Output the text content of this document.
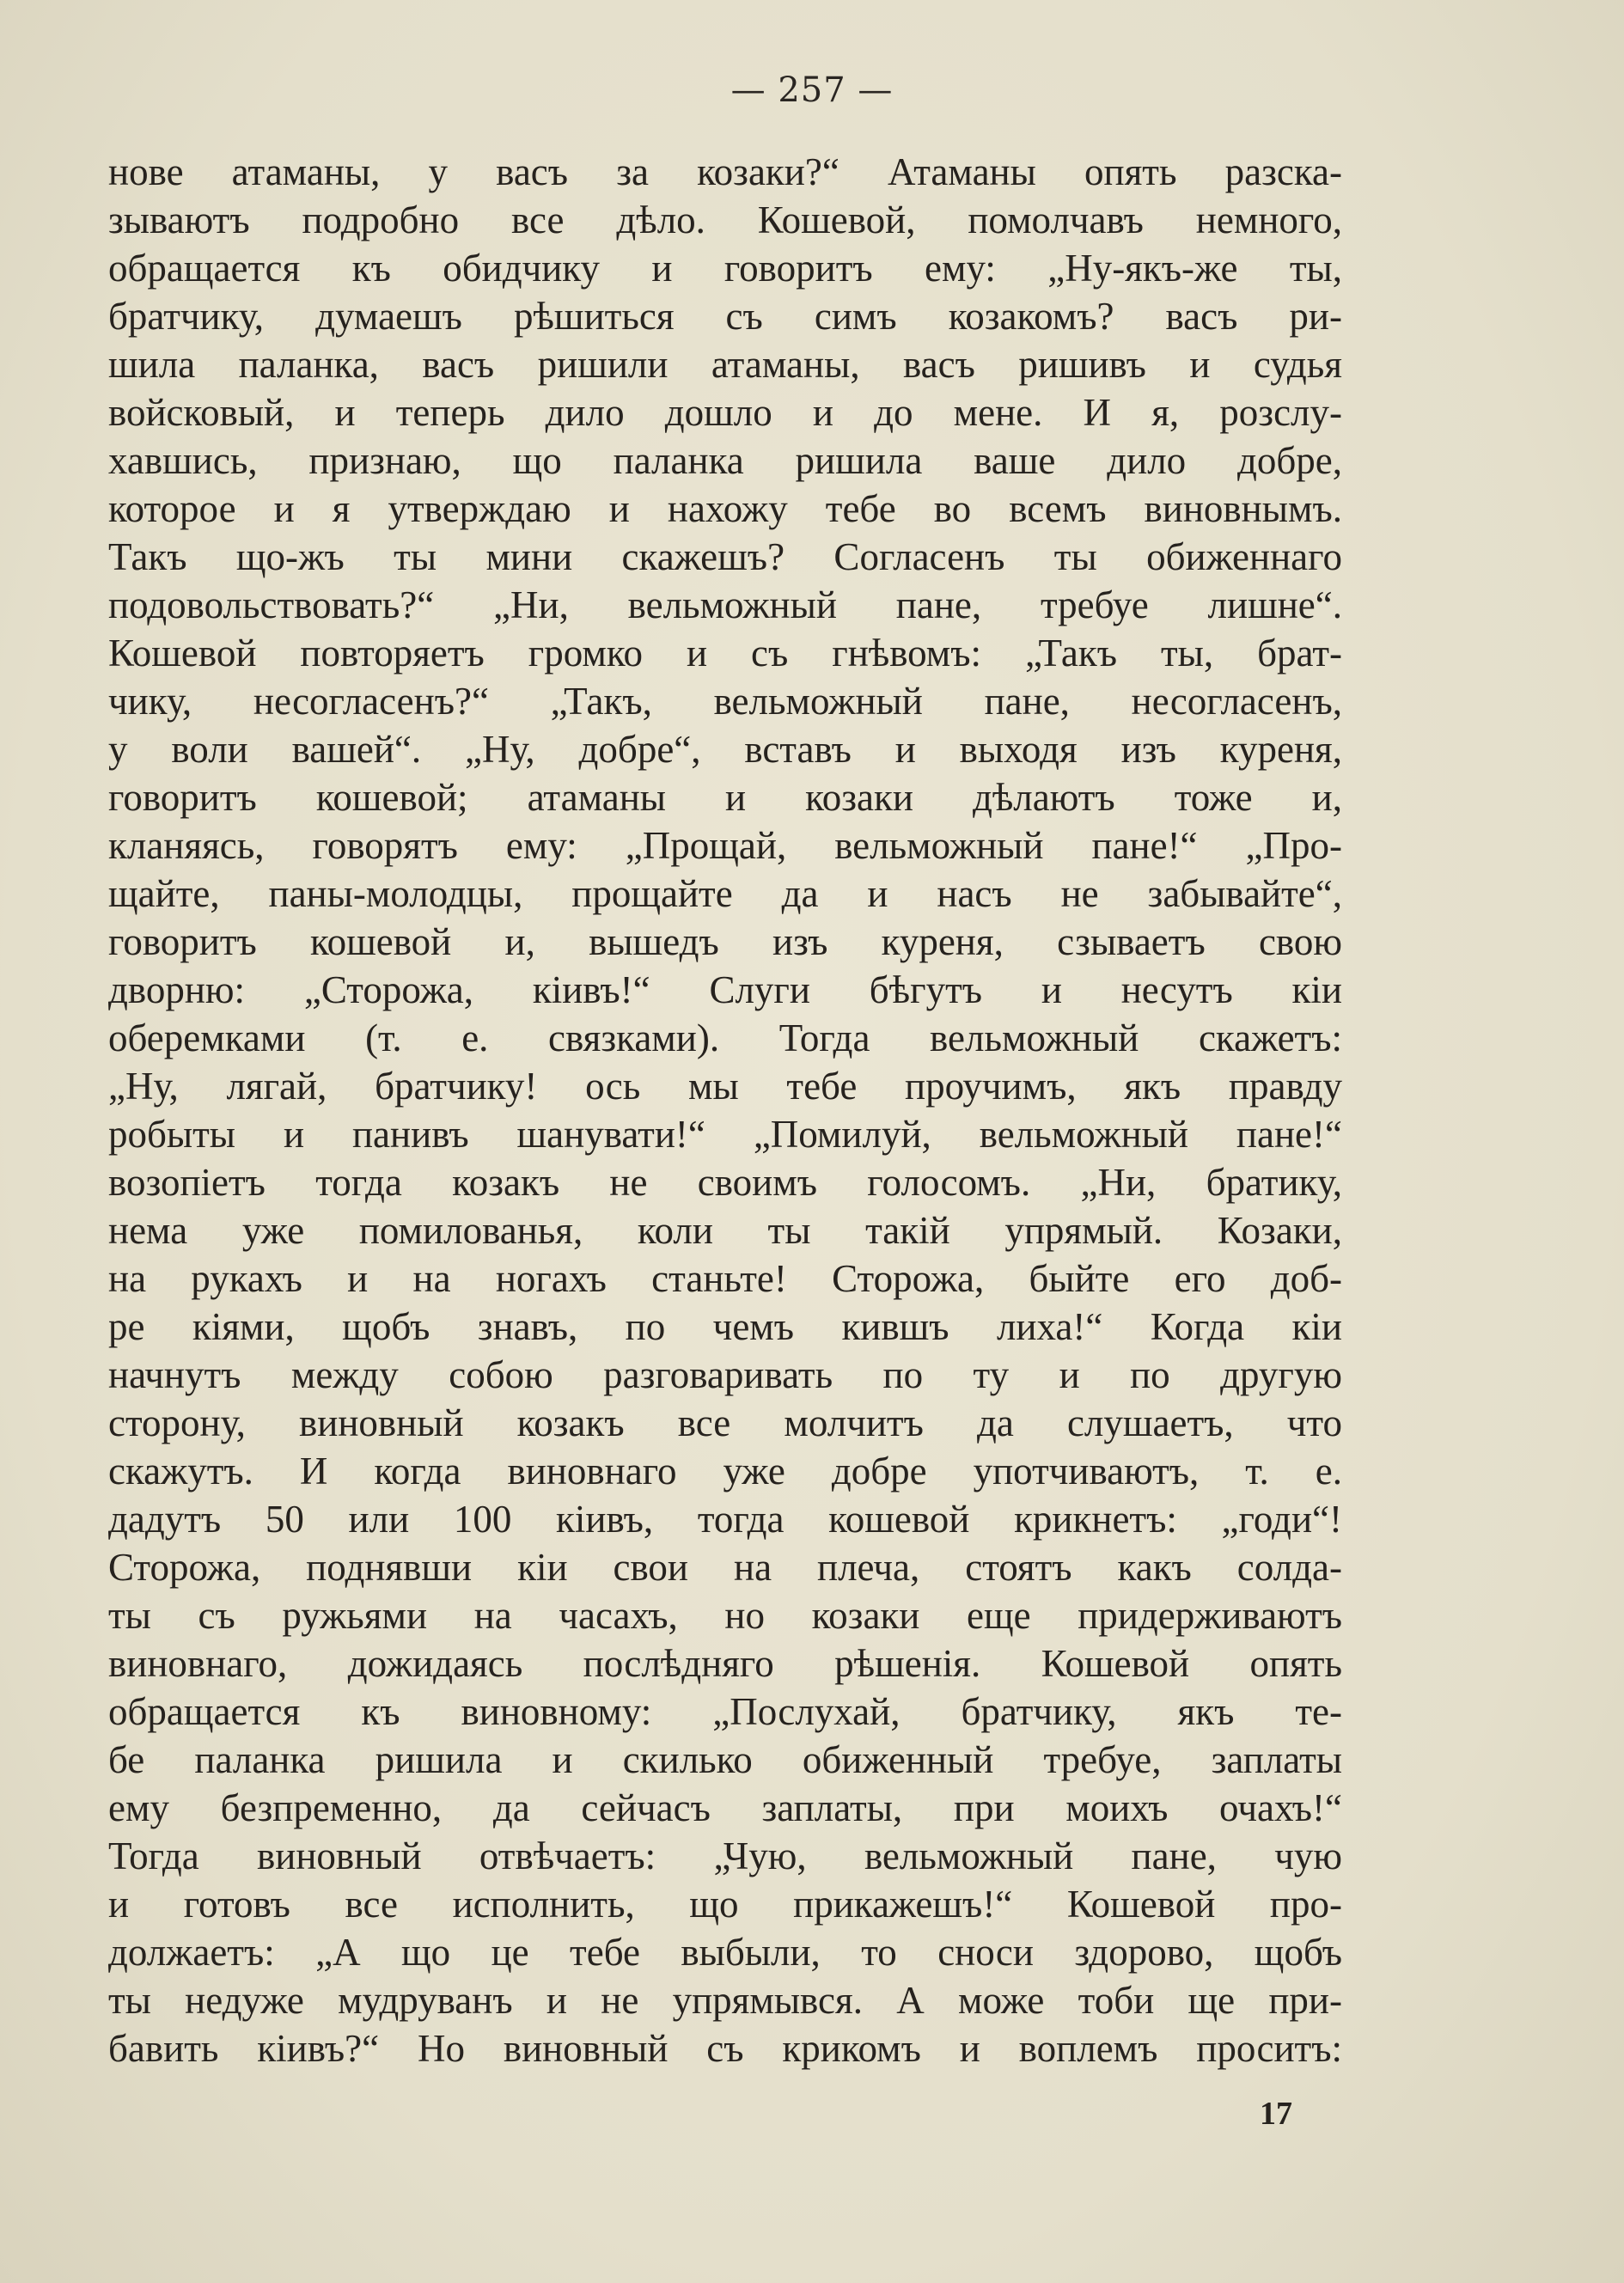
— 257 —
нове атаманы, у васъ за козаки?“ Атаманы опять разска-
зываютъ подробно все дѣло. Кошевой, помолчавъ немного,
обращается къ обидчику и говоритъ ему: „Ну-якъ-же ты,
братчику, думаешъ рѣшиться съ симъ козакомъ? васъ ри-
шила паланка, васъ ришили атаманы, васъ ришивъ и судья
войсковый, и теперь дило дошло и до мене. И я, розслу-
хавшись, признаю, що паланка ришила ваше дило добре,
которое и я утверждаю и нахожу тебе во всемъ виновнымъ.
Такъ що-жъ ты мини скажешъ? Согласенъ ты обиженнаго
подовольствовать?“ „Ни, вельможный пане, требуе лишне“.
Кошевой повторяетъ громко и съ гнѣвомъ: „Такъ ты, брат-
чику, несогласенъ?“ „Такъ, вельможный пане, несогласенъ,
у воли вашей“. „Ну, добре“, вставъ и выходя изъ куреня,
говоритъ кошевой; атаманы и козаки дѣлаютъ тоже и,
кланяясь, говорятъ ему: „Прощай, вельможный пане!“ „Про-
щайте, паны-молодцы, прощайте да и насъ не забывайте“,
говоритъ кошевой и, вышедъ изъ куреня, сзываетъ свою
дворню: „Сторожа, кіивъ!“ Слуги бѣгутъ и несутъ кіи
оберемками (т. е. связками). Тогда вельможный скажетъ:
„Ну, лягай, братчику! ось мы тебе проучимъ, якъ правду
робыты и панивъ шанувати!“ „Помилуй, вельможный пане!“
возопіетъ тогда козакъ не своимъ голосомъ. „Ни, братику,
нема уже помилованья, коли ты такій упрямый. Козаки,
на рукахъ и на ногахъ станьте! Сторожа, быйте его доб-
ре кіями, щобъ знавъ, по чемъ кившъ лиха!“ Когда кіи
начнутъ между собою разговаривать по ту и по другую
сторону, виновный козакъ все молчитъ да слушаетъ, что
скажутъ. И когда виновнаго уже добре употчиваютъ, т. е.
дадутъ 50 или 100 кіивъ, тогда кошевой крикнетъ: „годи“!
Сторожа, поднявши кіи свои на плеча, стоятъ какъ солда-
ты съ ружьями на часахъ, но козаки еще придерживаютъ
виновнаго, дожидаясь послѣдняго рѣшенія. Кошевой опять
обращается къ виновному: „Послухай, братчику, якъ те-
бе паланка ришила и скилько обиженный требуе, заплаты
ему безпременно, да сейчасъ заплаты, при моихъ очахъ!“
Тогда виновный отвѣчаетъ: „Чую, вельможный пане, чую
и готовъ все исполнить, що прикажешъ!“ Кошевой про-
должаетъ: „А що це тебе выбыли, то сноси здорово, щобъ
ты недуже мудруванъ и не упрямывся. А може тоби ще при-
бавить кіивъ?“ Но виновный съ крикомъ и воплемъ проситъ:
17
